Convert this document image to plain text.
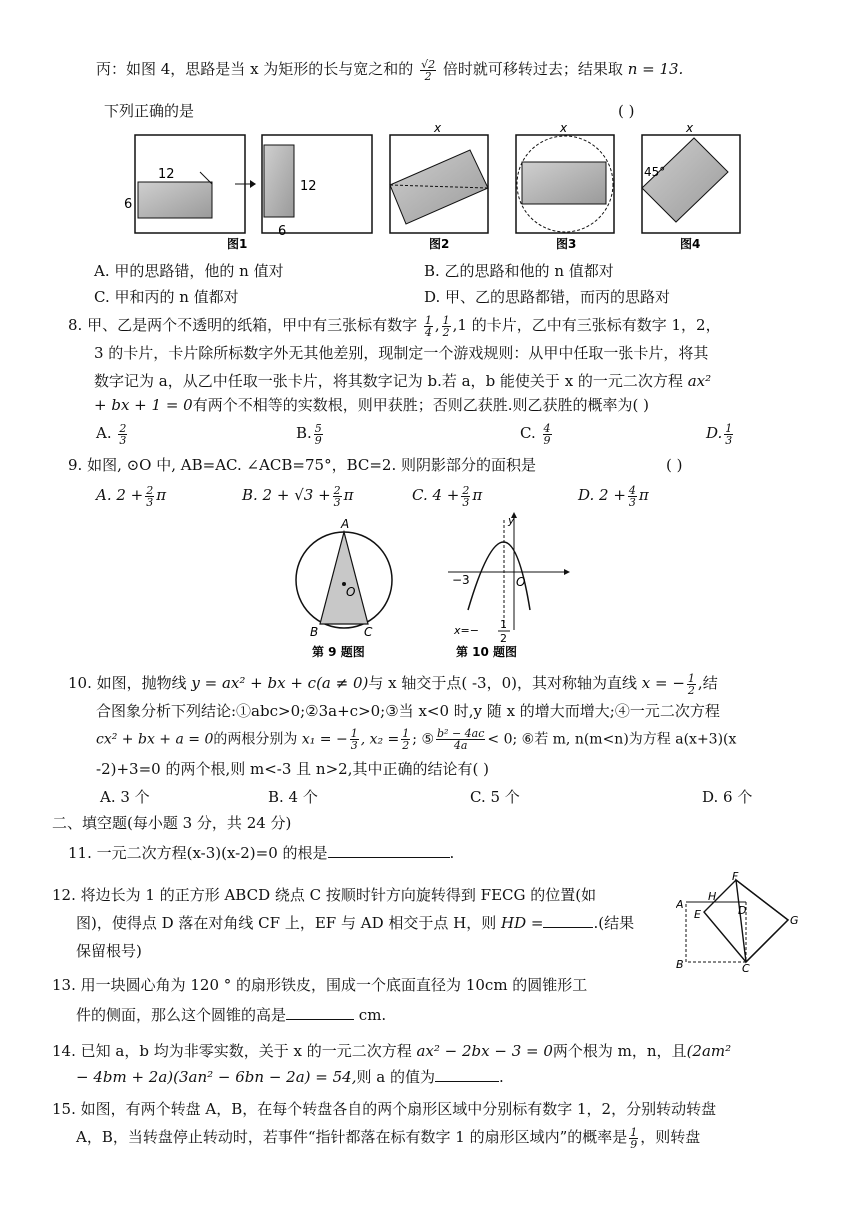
丙：如图 4，思路是当 x 为矩形的长与宽之和的 $\frac{√2}{2}$ 倍时就可移转过去；结果取 n = 13.
下列正确的是	( )
12
6
12
6
图1
x
图2
x
图3
x
45°
图4
A. 甲的思路错，他的 n 值对	B. 乙的思路和他的 n 值都对
C. 甲和丙的 n 值都对	D. 甲、乙的思路都错，而丙的思路对
8. 甲、乙是两个不透明的纸箱，甲中有三张标有数字 $\frac{1}{4}$ , $\frac{1}{2} ,1$ 的卡片，乙中有三张标有数字 1，2，
3 的卡片，卡片除所标数字外无其他差别，现制定一个游戏规则：从甲中任取一张卡片，将其
数字记为 a，从乙中任取一张卡片，将其数字记为 b.若 a，b 能使关于 x 的一元二次方程 ax²
+ bx + 1 = 0有两个不相等的实数根，则甲获胜；否则乙获胜.则乙获胜的概率为( )
A. $\frac{2}{3}$	B. $\frac{5}{9}$	C. $\frac{4}{9}$	D. $\frac{1}{3}$
9. 如图, ⊙O 中, AB=AC. ∠ACB=75°，BC=2. 则阴影部分的面积是	( )
A. $2 + \frac{2}{3}$ π	B. $2 + √3 + \frac{2}{3}$ π	C. $4 + \frac{2}{3}$ π	D. $2 + \frac{4}{3}$ π
A
O
B	C
第 9 题图
y
−3	O
x=− 1
2
第 10 题图
10. 如图，抛物线 y = ax² + bx + c(a ≠ 0)与 x 轴交于点( -3，0)，其对称轴为直线 x = − $\frac{1}{2}$ ,结
合图象分析下列结论:①abc>0;②3a+c>0;③当 x<0 时,y 随 x 的增大而增大;④一元二次方程
cx² + bx + a = 0的两根分别为 x₁ = − $\frac{1}{3}$ , $x_2 = \frac{1}{2}$ ; ⑤ $\frac{\text{b² − 4ac}}{4a} < 0$; ⑥若 m, n(m<n)为方程 a(x+3)(x
-2)+3=0 的两个根,则 m<-3 且 n>2,其中正确的结论有( )
A. 3 个	B. 4 个	C. 5 个	D. 6 个
二、填空题(每小题 3 分，共 24 分)
11. 一元二次方程(x-3)(x-2)=0 的根是	.
12. 将边长为 1 的正方形 ABCD 绕点 C 按顺时针方向旋转得到 FECG 的位置(如
图)，使得点 D 落在对角线 CF 上，EF 与 AD 相交于点 H，则 HD =	.(结果
保留根号)
A
H
F
D
E	G
B	C
13. 用一块圆心角为 120 ° 的扇形铁皮，围成一个底面直径为 10cm 的圆锥形工
件的侧面，那么这个圆锥的高是	cm.
14. 已知 a，b 均为非零实数，关于 x 的一元二次方程 ax² − 2bx − 3 = 0两个根为 m，n，且(2am²
− 4bm + 2a)(3an² − 6bn − 2a) = 54,则 a 的值为	.
15. 如图，有两个转盘 A，B，在每个转盘各自的两个扇形区域中分别标有数字 1，2，分别转动转盘
A，B，当转盘停止转动时，若事件“指针都落在标有数字 1 的扇形区域内”的概率是 $\frac{1}{9}$ ，则转盘
